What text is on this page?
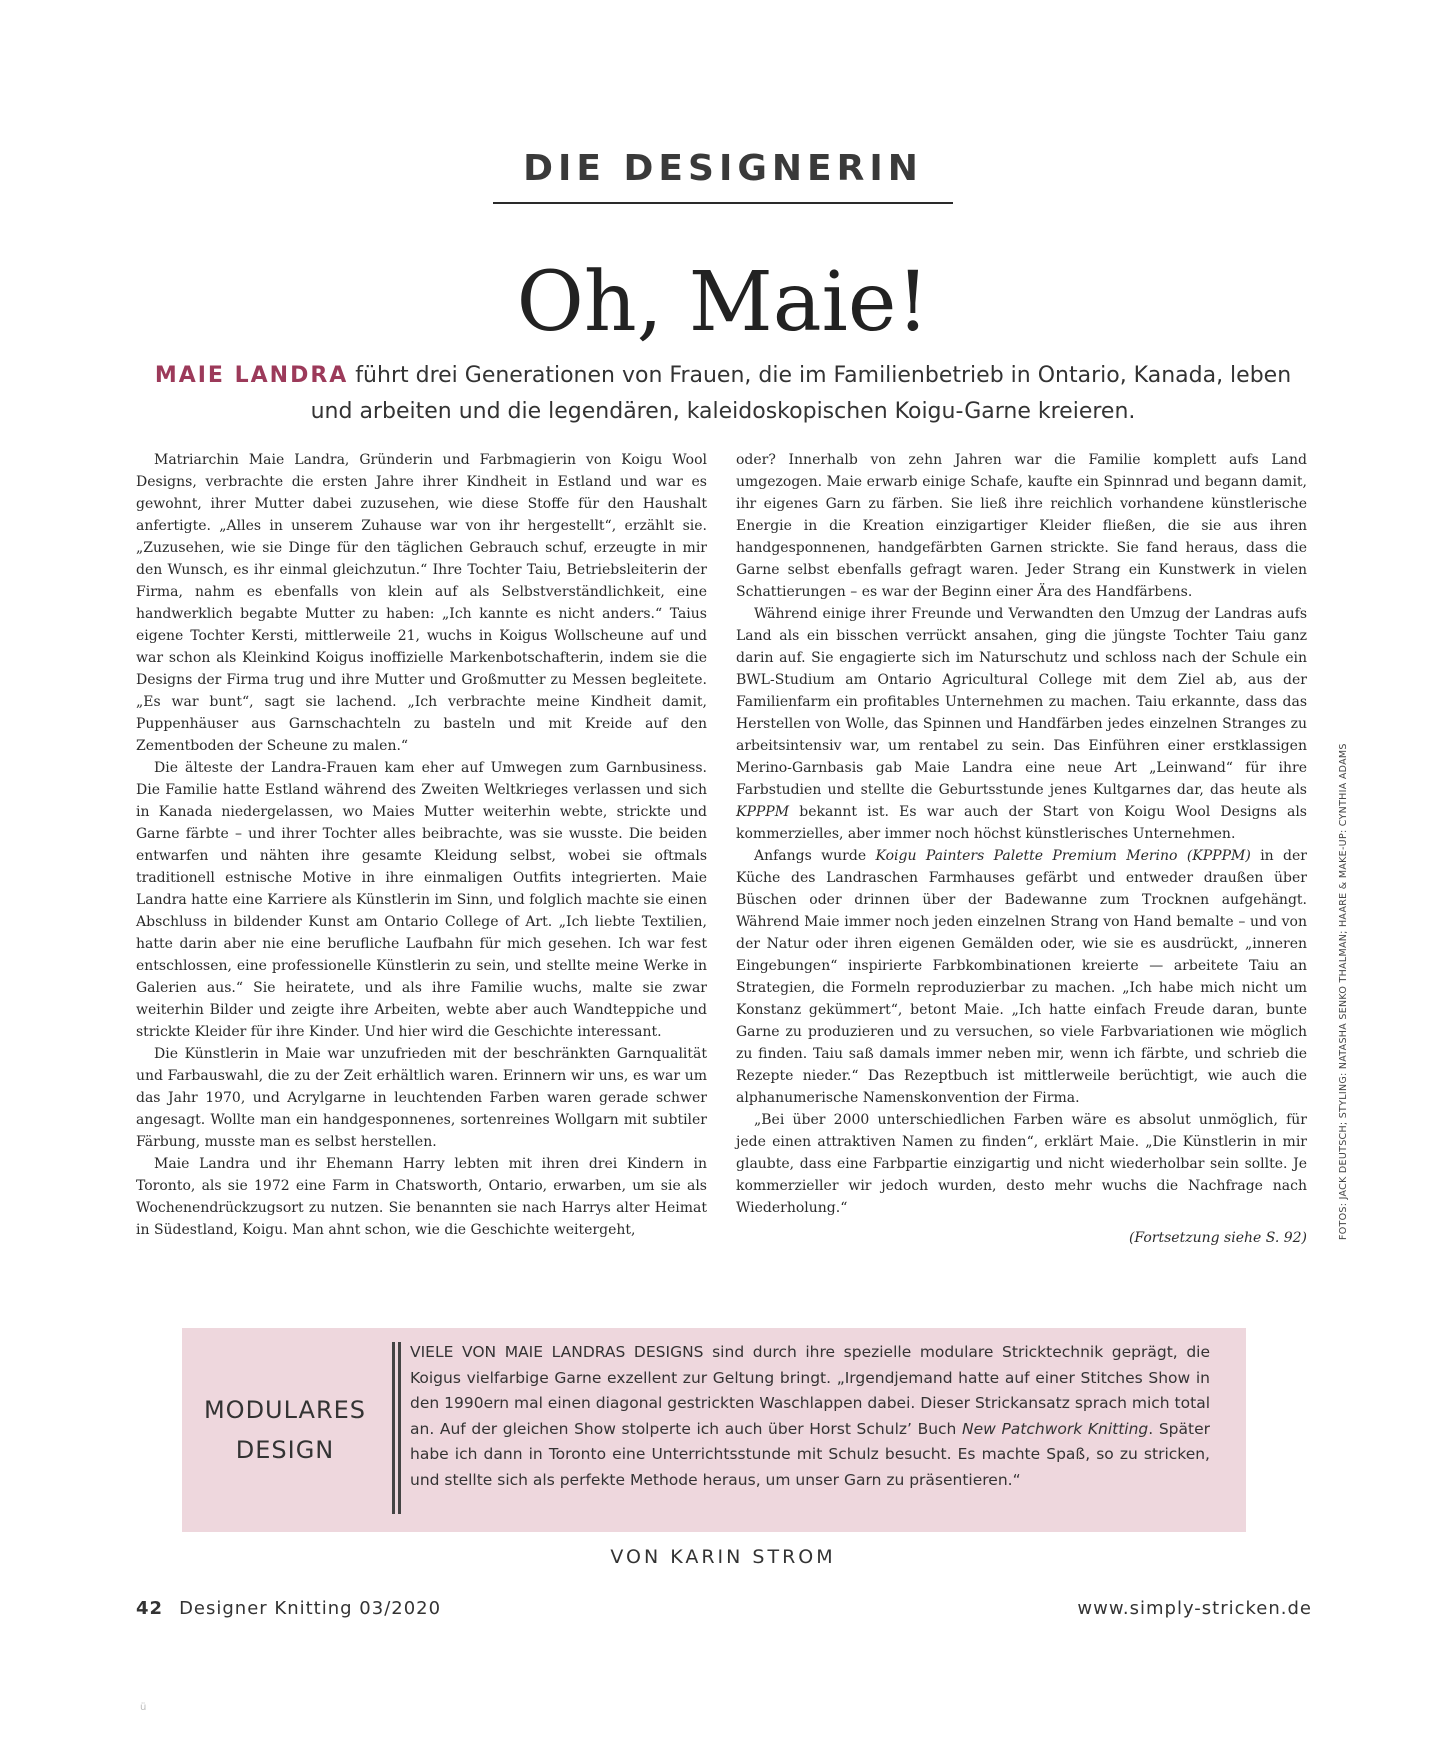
DIE DESIGNERIN
Oh, Maie!
MAIE LANDRA führt drei Generationen von Frauen, die im Familienbetrieb in Ontario, Kanada, leben und arbeiten und die legendären, kaleidoskopischen Koigu-Garne kreieren.

Matriarchin Maie Landra, Gründerin und Farbmagierin von Koigu Wool Designs, verbrachte die ersten Jahre ihrer Kindheit in Estland und war es gewohnt, ihrer Mutter dabei zuzusehen, wie diese Stoffe für den Haushalt anfertigte. „Alles in unserem Zuhause war von ihr hergestellt“, erzählt sie. „Zuzusehen, wie sie Dinge für den täglichen Gebrauch schuf, erzeugte in mir den Wunsch, es ihr einmal gleichzutun.“ Ihre Tochter Taiu, Betriebsleiterin der Firma, nahm es ebenfalls von klein auf als Selbstverständlichkeit, eine handwerklich begabte Mutter zu haben: „Ich kannte es nicht anders.“ Taius eigene Tochter Kersti, mittlerweile 21, wuchs in Koigus Wollscheune auf und war schon als Kleinkind Koigus inoffizielle Markenbotschafterin, indem sie die Designs der Firma trug und ihre Mutter und Großmutter zu Messen begleitete. „Es war bunt“, sagt sie lachend. „Ich verbrachte meine Kindheit damit, Puppenhäuser aus Garnschachteln zu basteln und mit Kreide auf den Zementboden der Scheune zu malen.“

Die älteste der Landra-Frauen kam eher auf Umwegen zum Garnbusiness. Die Familie hatte Estland während des Zweiten Weltkrieges verlassen und sich in Kanada niedergelassen, wo Maies Mutter weiterhin webte, strickte und Garne färbte – und ihrer Tochter alles beibrachte, was sie wusste. Die beiden entwarfen und nähten ihre gesamte Kleidung selbst, wobei sie oftmals traditionell estnische Motive in ihre einmaligen Outfits integrierten. Maie Landra hatte eine Karriere als Künstlerin im Sinn, und folglich machte sie einen Abschluss in bildender Kunst am Ontario College of Art. „Ich liebte Textilien, hatte darin aber nie eine berufliche Laufbahn für mich gesehen. Ich war fest entschlossen, eine professionelle Künstlerin zu sein, und stellte meine Werke in Galerien aus.“ Sie heiratete, und als ihre Familie wuchs, malte sie zwar weiterhin Bilder und zeigte ihre Arbeiten, webte aber auch Wandteppiche und strickte Kleider für ihre Kinder. Und hier wird die Geschichte interessant.

Die Künstlerin in Maie war unzufrieden mit der beschränkten Garnqualität und Farbauswahl, die zu der Zeit erhältlich waren. Erinnern wir uns, es war um das Jahr 1970, und Acrylgarne in leuchtenden Farben waren gerade schwer angesagt. Wollte man ein handgesponnenes, sortenreines Wollgarn mit subtiler Färbung, musste man es selbst herstellen.

Maie Landra und ihr Ehemann Harry lebten mit ihren drei Kindern in Toronto, als sie 1972 eine Farm in Chatsworth, Ontario, erwarben, um sie als Wochenendrückzugsort zu nutzen. Sie benannten sie nach Harrys alter Heimat in Südestland, Koigu. Man ahnt schon, wie die Geschichte weitergeht,

oder? Innerhalb von zehn Jahren war die Familie komplett aufs Land umgezogen. Maie erwarb einige Schafe, kaufte ein Spinnrad und begann damit, ihr eigenes Garn zu färben. Sie ließ ihre reichlich vorhandene künstlerische Energie in die Kreation einzigartiger Kleider fließen, die sie aus ihren handgesponnenen, handgefärbten Garnen strickte. Sie fand heraus, dass die Garne selbst ebenfalls gefragt waren. Jeder Strang ein Kunstwerk in vielen Schattierungen – es war der Beginn einer Ära des Handfärbens.

Während einige ihrer Freunde und Verwandten den Umzug der Landras aufs Land als ein bisschen verrückt ansahen, ging die jüngste Tochter Taiu ganz darin auf. Sie engagierte sich im Naturschutz und schloss nach der Schule ein BWL-Studium am Ontario Agricultural College mit dem Ziel ab, aus der Familienfarm ein profitables Unternehmen zu machen. Taiu erkannte, dass das Herstellen von Wolle, das Spinnen und Handfärben jedes einzelnen Stranges zu arbeitsintensiv war, um rentabel zu sein. Das Einführen einer erstklassigen Merino-Garnbasis gab Maie Landra eine neue Art „Leinwand“ für ihre Farbstudien und stellte die Geburtsstunde jenes Kultgarnes dar, das heute als KPPPM bekannt ist. Es war auch der Start von Koigu Wool Designs als kommerzielles, aber immer noch höchst künstlerisches Unternehmen.

Anfangs wurde Koigu Painters Palette Premium Merino (KPPPM) in der Küche des Landraschen Farmhauses gefärbt und entweder draußen über Büschen oder drinnen über der Badewanne zum Trocknen aufgehängt. Während Maie immer noch jeden einzelnen Strang von Hand bemalte – und von der Natur oder ihren eigenen Gemälden oder, wie sie es ausdrückt, „inneren Eingebungen“ inspirierte Farbkombinationen kreierte — arbeitete Taiu an Strategien, die Formeln reproduzierbar zu machen. „Ich habe mich nicht um Konstanz gekümmert“, betont Maie. „Ich hatte einfach Freude daran, bunte Garne zu produzieren und zu versuchen, so viele Farbvariationen wie möglich zu finden. Taiu saß damals immer neben mir, wenn ich färbte, und schrieb die Rezepte nieder.“ Das Rezeptbuch ist mittlerweile berüchtigt, wie auch die alphanumerische Namenskonvention der Firma.

„Bei über 2000 unterschiedlichen Farben wäre es absolut unmöglich, für jede einen attraktiven Namen zu finden“, erklärt Maie. „Die Künstlerin in mir glaubte, dass eine Farbpartie einzigartig und nicht wiederholbar sein sollte. Je kommerzieller wir jedoch wurden, desto mehr wuchs die Nachfrage nach Wiederholung.“

(Fortsetzung siehe S. 92)	FOTOS: JACK DEUTSCH; STYLING: NATASHA SENKO THALMAN; HAARE & MAKE-UP: CYNTHIA ADAMS
MODULARES
DESIGN
VIELE VON MAIE LANDRAS DESIGNS sind durch ihre spezielle modulare Stricktechnik geprägt, die Koigus vielfarbige Garne exzellent zur Geltung bringt. „Irgendjemand hatte auf einer Stitches Show in den 1990ern mal einen diagonal gestrickten Waschlappen dabei. Dieser Strickansatz sprach mich total an. Auf der gleichen Show stolperte ich auch über Horst Schulz’ Buch New Patchwork Knitting. Später habe ich dann in Toronto eine Unterrichtsstunde mit Schulz besucht. Es machte Spaß, so zu stricken, und stellte sich als perfekte Methode heraus, um unser Garn zu präsentieren.“
VON KARIN STROM
42 Designer Knitting 03/2020	www.simply-stricken.de
ü
